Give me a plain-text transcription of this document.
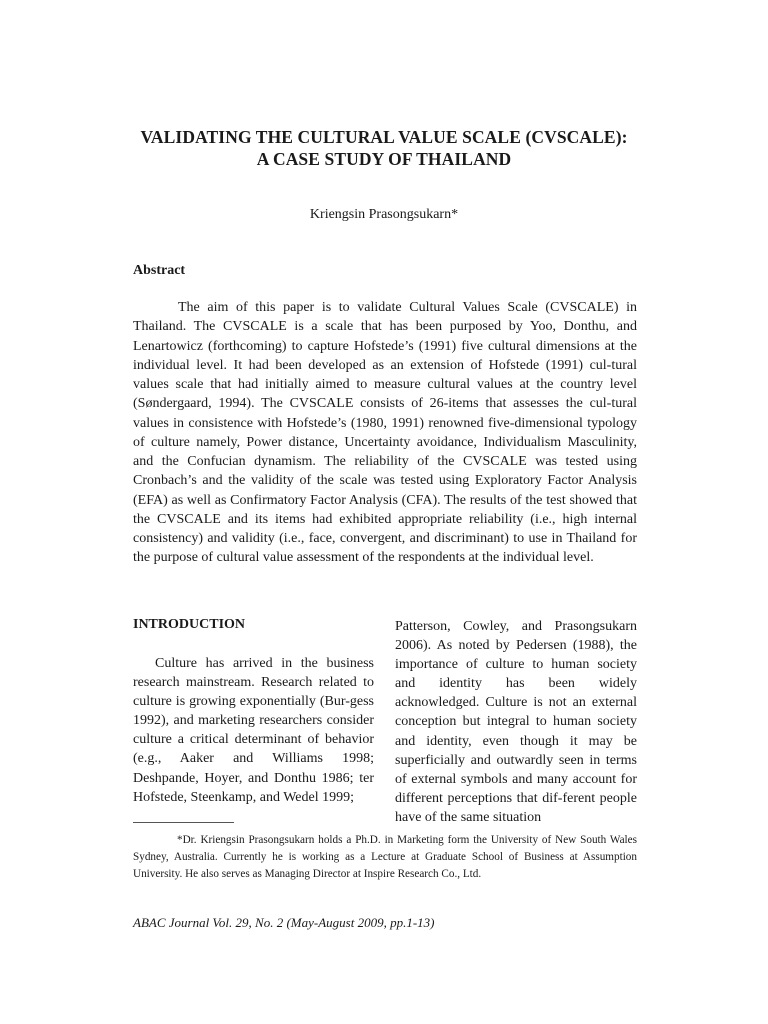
VALIDATING THE CULTURAL VALUE SCALE (CVSCALE):
A CASE STUDY OF THAILAND
Kriengsin Prasongsukarn*
Abstract

The aim of this paper is to validate Cultural Values Scale (CVSCALE) in Thailand. The CVSCALE is a scale that has been purposed by Yoo, Donthu, and Lenartowicz (forthcoming) to capture Hofstede’s (1991) five cultural dimensions at the individual level. It had been developed as an extension of Hofstede (1991) cul-tural values scale that had initially aimed to measure cultural values at the country level (Søndergaard, 1994). The CVSCALE consists of 26-items that assesses the cul-tural values in consistence with Hofstede’s (1980, 1991) renowned five-dimensional typology of culture namely, Power distance, Uncertainty avoidance, Individualism Masculinity, and the Confucian dynamism. The reliability of the CVSCALE was tested using Cronbach’s and the validity of the scale was tested using Exploratory Factor Analysis (EFA) as well as Confirmatory Factor Analysis (CFA). The results of the test showed that the CVSCALE and its items had exhibited appropriate reliability (i.e., high internal consistency) and validity (i.e., face, convergent, and discriminant) to use in Thailand for the purpose of cultural value assessment of the respondents at the individual level.

INTRODUCTION

Culture has arrived in the business research mainstream. Research related to culture is growing exponentially (Bur-gess 1992), and marketing researchers consider culture a critical determinant of behavior (e.g., Aaker and Williams 1998; Deshpande, Hoyer, and Donthu 1986; ter Hofstede, Steenkamp, and Wedel 1999;

Patterson, Cowley, and Prasongsukarn 2006). As noted by Pedersen (1988), the importance of culture to human society and identity has been widely acknowledged. Culture is not an external conception but integral to human society and identity, even though it may be superficially and outwardly seen in terms of external symbols and many account for different perceptions that dif-ferent people have of the same situation

*Dr. Kriengsin Prasongsukarn holds a Ph.D. in Marketing form the University of New South Wales Sydney, Australia. Currently he is working as a Lecture at Graduate School of Business at Assumption University. He also serves as Managing Director at Inspire Research Co., Ltd.

ABAC Journal Vol. 29, No. 2 (May-August 2009, pp.1-13)
